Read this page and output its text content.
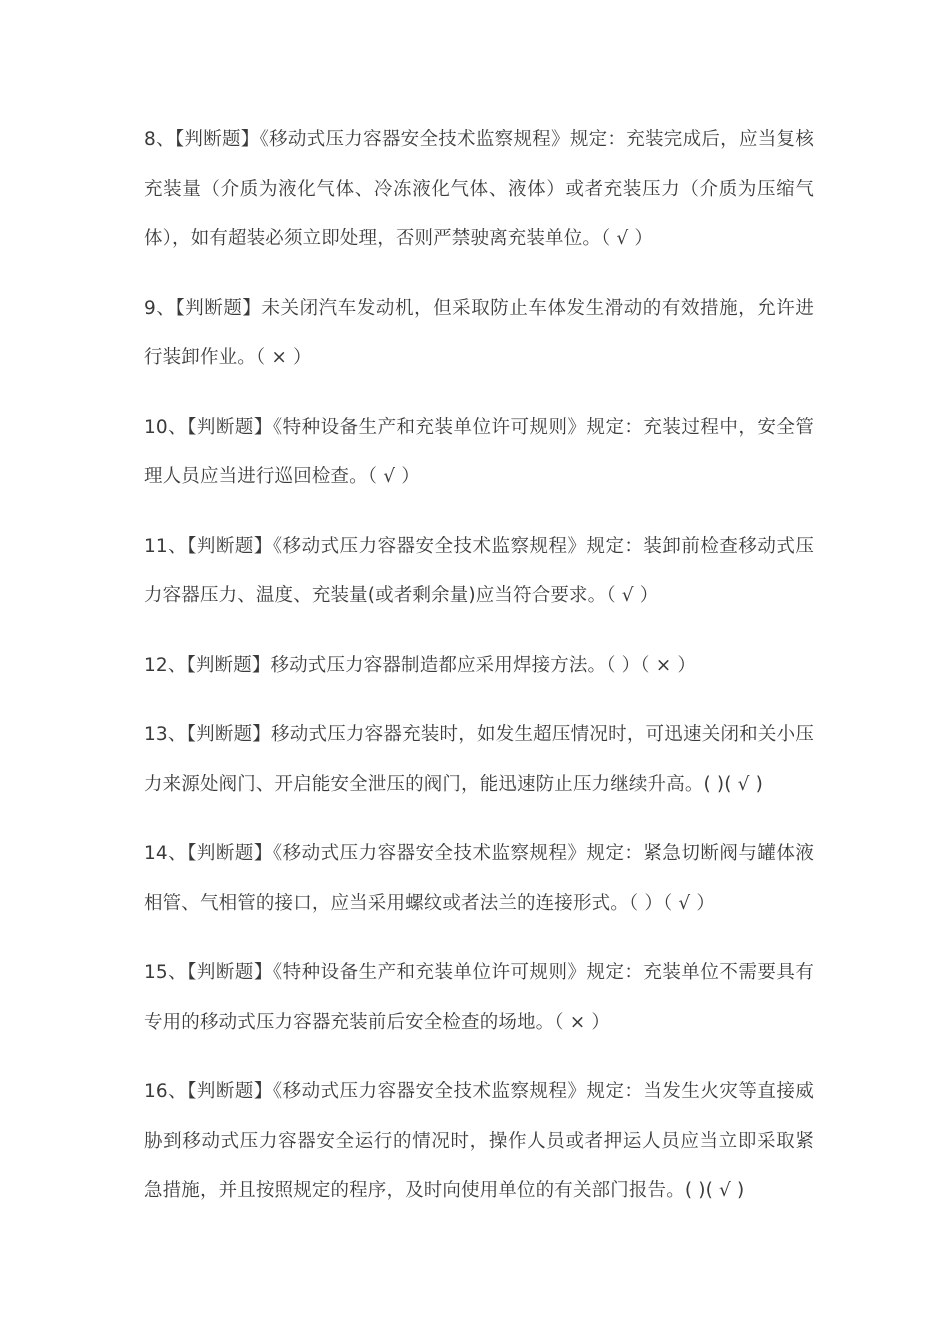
8、【判断题】《移动式压力容器安全技术监察规程》规定：充装完成后，应当复核充装量（介质为液化气体、冷冻液化气体、液体）或者充装压力（介质为压缩气体），如有超装必须立即处理，否则严禁驶离充装单位。（ √ ）

9、【判断题】未关闭汽车发动机，但采取防止车体发生滑动的有效措施，允许进行装卸作业。（ × ）

10、【判断题】《特种设备生产和充装单位许可规则》规定：充装过程中，安全管理人员应当进行巡回检查。（ √ ）

11、【判断题】《移动式压力容器安全技术监察规程》规定：装卸前检查移动式压力容器压力、温度、充装量(或者剩余量)应当符合要求。（ √ ）

12、【判断题】移动式压力容器制造都应采用焊接方法。（ ）（ × ）

13、【判断题】移动式压力容器充装时，如发生超压情况时，可迅速关闭和关小压力来源处阀门、开启能安全泄压的阀门，能迅速防止压力继续升高。( )( √ )

14、【判断题】《移动式压力容器安全技术监察规程》规定：紧急切断阀与罐体液相管、气相管的接口，应当采用螺纹或者法兰的连接形式。（ ）（ √ ）

15、【判断题】《特种设备生产和充装单位许可规则》规定：充装单位不需要具有专用的移动式压力容器充装前后安全检查的场地。（ × ）

16、【判断题】《移动式压力容器安全技术监察规程》规定：当发生火灾等直接威胁到移动式压力容器安全运行的情况时，操作人员或者押运人员应当立即采取紧急措施，并且按照规定的程序，及时向使用单位的有关部门报告。( )( √ )
